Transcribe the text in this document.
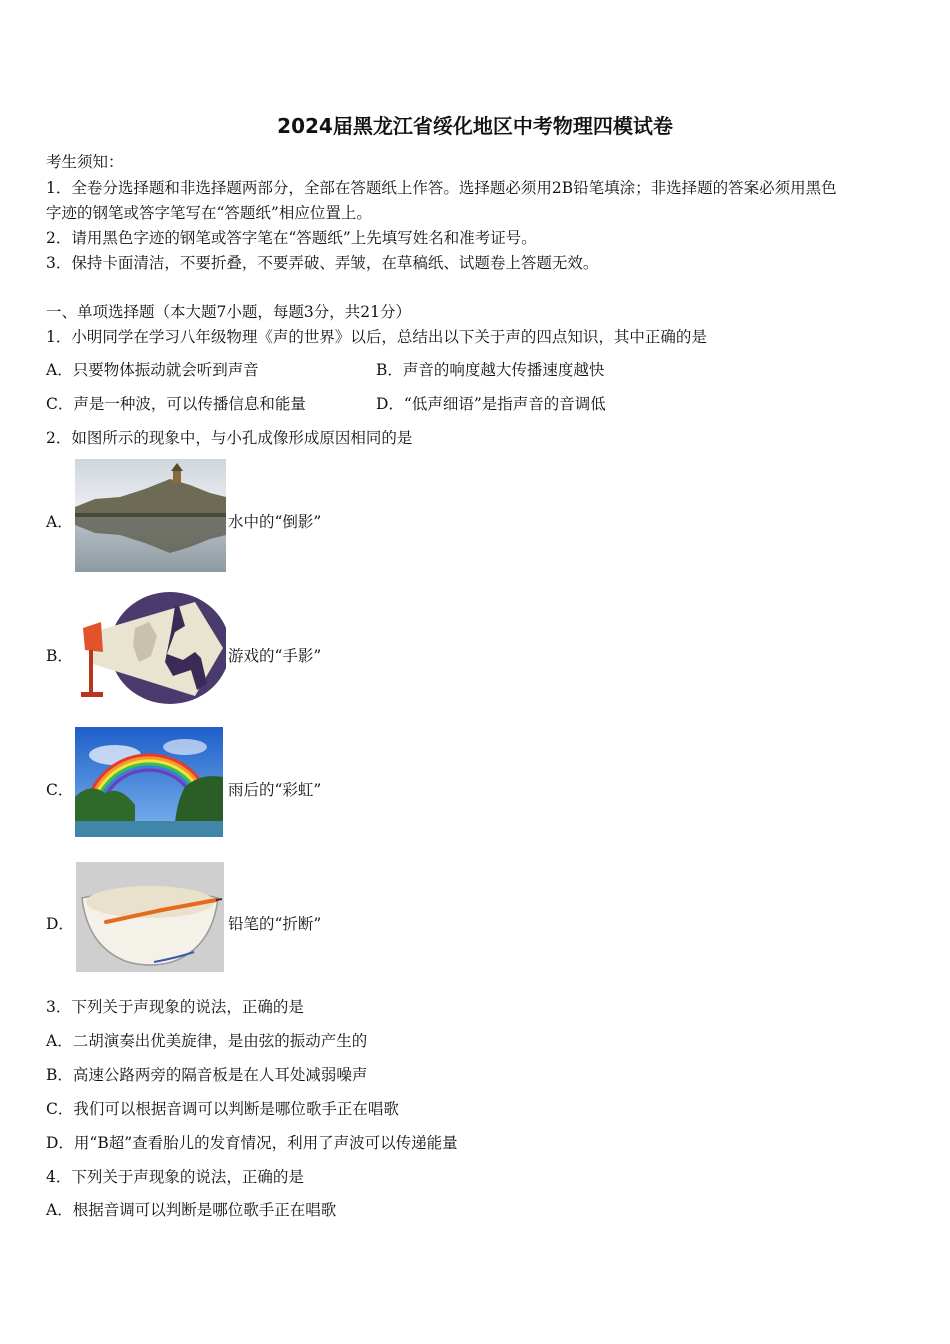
2024届黑龙江省绥化地区中考物理四模试卷
考生须知：
1．全卷分选择题和非选择题两部分，全部在答题纸上作答。选择题必须用2B铅笔填涂；非选择题的答案必须用黑色
字迹的钢笔或答字笔写在“答题纸”相应位置上。
2．请用黑色字迹的钢笔或答字笔在“答题纸”上先填写姓名和准考证号。
3．保持卡面清洁，不要折叠，不要弄破、弄皱，在草稿纸、试题卷上答题无效。
一、单项选择题（本大题7小题，每题3分，共21分）
1．小明同学在学习八年级物理《声的世界》以后，总结出以下关于声的四点知识，其中正确的是
A．只要物体振动就会听到声音	B．声音的响度越大传播速度越快
C．声是一种波，可以传播信息和能量	D．“低声细语”是指声音的音调低
2．如图所示的现象中，与小孔成像形成原因相同的是
A．	水中的“倒影”
B．	游戏的“手影”
C．	雨后的“彩虹”
D．	铅笔的“折断”
3．下列关于声现象的说法，正确的是
A．二胡演奏出优美旋律，是由弦的振动产生的
B．高速公路两旁的隔音板是在人耳处减弱噪声
C．我们可以根据音调可以判断是哪位歌手正在唱歌
D．用“B超”查看胎儿的发育情况，利用了声波可以传递能量
4．下列关于声现象的说法，正确的是
A．根据音调可以判断是哪位歌手正在唱歌
